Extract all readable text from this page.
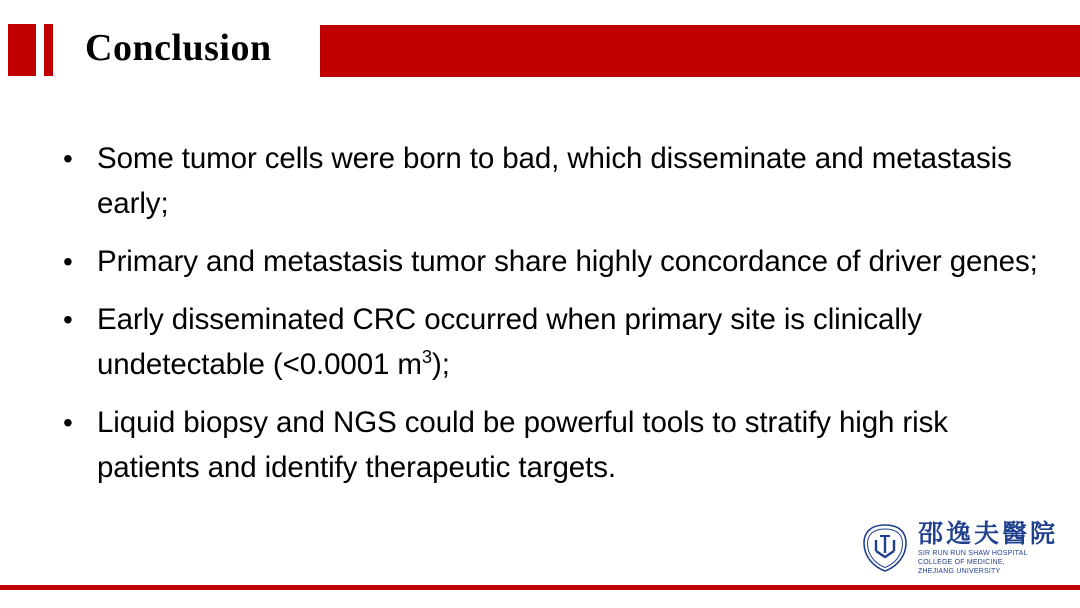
Conclusion
• Some tumor cells were born to bad, which disseminate and metastasis early;
• Primary and metastasis tumor share highly concordance of driver genes;
• Early disseminated CRC occurred when primary site is clinically undetectable (<0.0001 $m^3$);
• Liquid biopsy and NGS could be powerful tools to stratify high risk patients and identify therapeutic targets.
邵逸夫醫院
SIR RUN RUN SHAW HOSPITAL
COLLEGE OF MEDICINE,
ZHEJIANG UNIVERSITY
